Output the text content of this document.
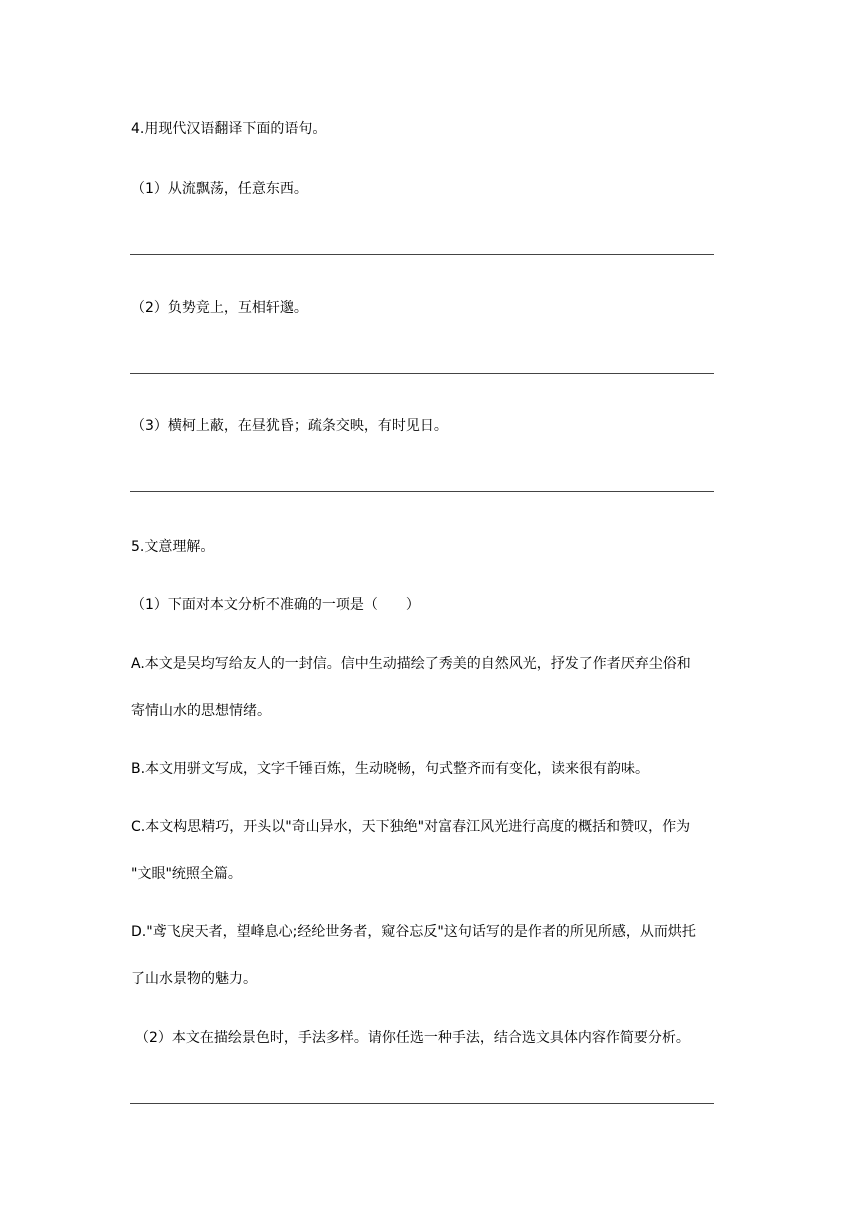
4.用现代汉语翻译下面的语句。
（1）从流飘荡，任意东西。
（2）负势竞上，互相轩邈。
（3）横柯上蔽，在昼犹昏；疏条交映，有时见日。
5.文意理解。
（1）下面对本文分析不准确的一项是（　　）
A.本文是吴均写给友人的一封信。信中生动描绘了秀美的自然风光，抒发了作者厌弃尘俗和
寄情山水的思想情绪。
B.本文用骈文写成，文字千锤百炼，生动晓畅，句式整齐而有变化，读来很有韵味。
C.本文构思精巧，开头以"奇山异水，天下独绝"对富春江风光进行高度的概括和赞叹，作为
"文眼"统照全篇。
D."鸢飞戾天者，望峰息心;经纶世务者，窥谷忘反"这句话写的是作者的所见所感，从而烘托
了山水景物的魅力。
（2）本文在描绘景色时，手法多样。请你任选一种手法，结合选文具体内容作简要分析。
